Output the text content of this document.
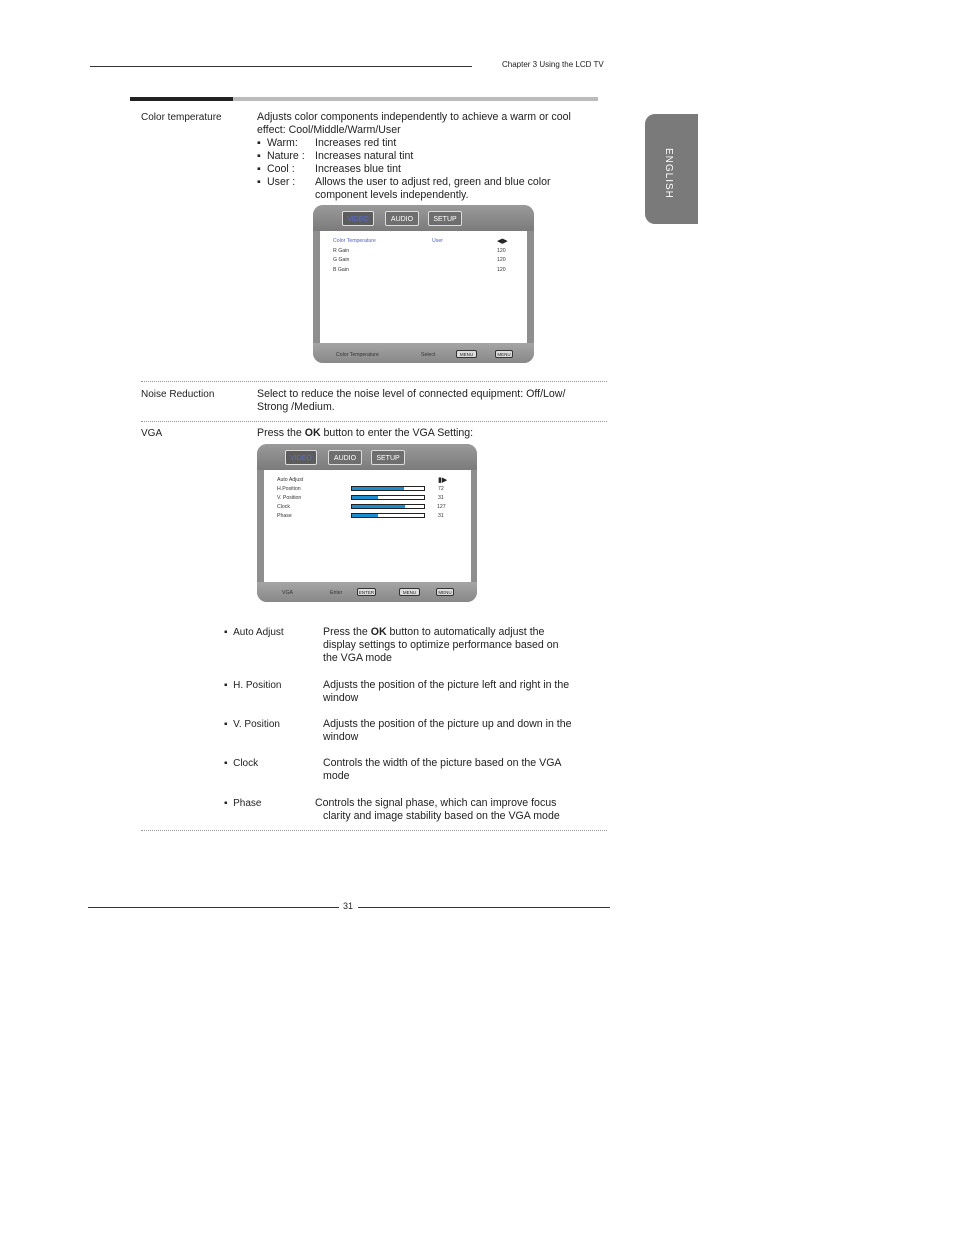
Chapter 3 Using the LCD TV
ENGLISH
Color temperature	Adjusts color components independently to achieve a warm or cool
effect: Cool/Middle/Warm/User
▪ Warm:	Increases red tint
▪ Nature : Increases natural tint
▪ Cool :	Increases blue tint
▪ User :	Allows the user to adjust red, green and blue color
component levels independently.
VIDEO	AUDIO	SETUP
Color Temperature	User	◀▶
R Gain	120
G Gain	120
B Gain	120
Color Temperature	Select	MENU	MENU
Noise Reduction	Select to reduce the noise level of connected equipment: Off/Low/
Strong /Medium.
VGA	Press the OK button to enter the VGA Setting:
VIDEO	AUDIO	SETUP
Auto Adjust	▮▶
H.Position	72
V. Position	31
Clock	127
Phase	31
VGA	Enter	ENTER	MENU	MENU
▪  Auto Adjust	Press the OK button to automatically adjust the
display settings to optimize performance based on
the VGA mode
▪  H. Position	Adjusts the position of the picture left and right in the
window
▪  V. Position	Adjusts the position of the picture up and down in the
window
▪  Clock	Controls the width of the picture based on the VGA
mode
▪  Phase	Controls the signal phase, which can improve focus
clarity and image stability based on the VGA mode
31
